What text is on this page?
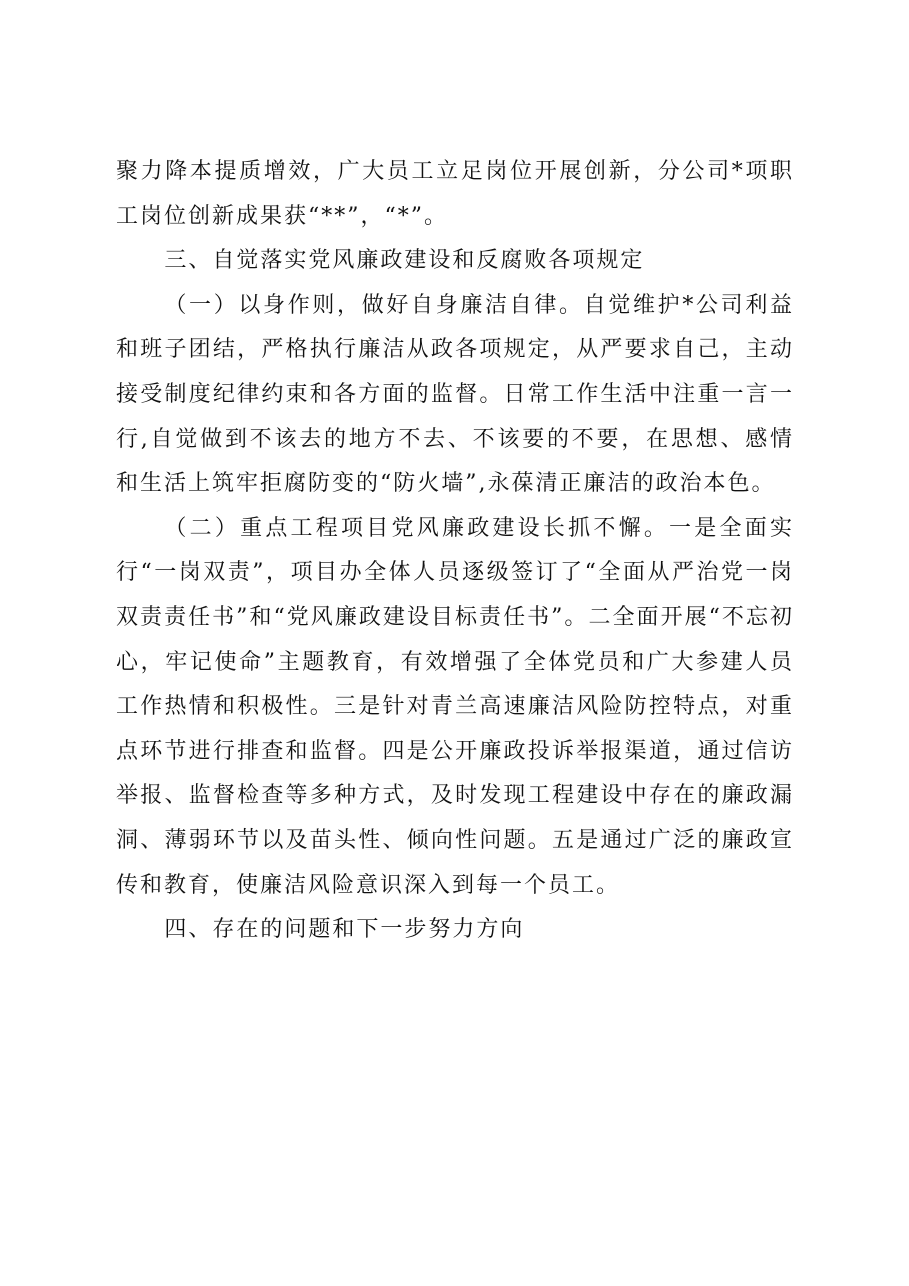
聚力降本提质增效，广大员工立足岗位开展创新，分公司*项职工岗位创新成果获“**”，“*”。

三、自觉落实党风廉政建设和反腐败各项规定

（一）以身作则，做好自身廉洁自律。自觉维护*公司利益和班子团结，严格执行廉洁从政各项规定，从严要求自己，主动接受制度纪律约束和各方面的监督。日常工作生活中注重一言一行,自觉做到不该去的地方不去、不该要的不要，在思想、感情和生活上筑牢拒腐防变的“防火墙”,永葆清正廉洁的政治本色。

（二）重点工程项目党风廉政建设长抓不懈。一是全面实行“一岗双责”，项目办全体人员逐级签订了“全面从严治党一岗双责责任书”和“党风廉政建设目标责任书”。二全面开展“不忘初心，牢记使命”主题教育，有效增强了全体党员和广大参建人员工作热情和积极性。三是针对青兰高速廉洁风险防控特点，对重点环节进行排查和监督。四是公开廉政投诉举报渠道，通过信访举报、监督检查等多种方式，及时发现工程建设中存在的廉政漏洞、薄弱环节以及苗头性、倾向性问题。五是通过广泛的廉政宣传和教育，使廉洁风险意识深入到每一个员工。

四、存在的问题和下一步努力方向
